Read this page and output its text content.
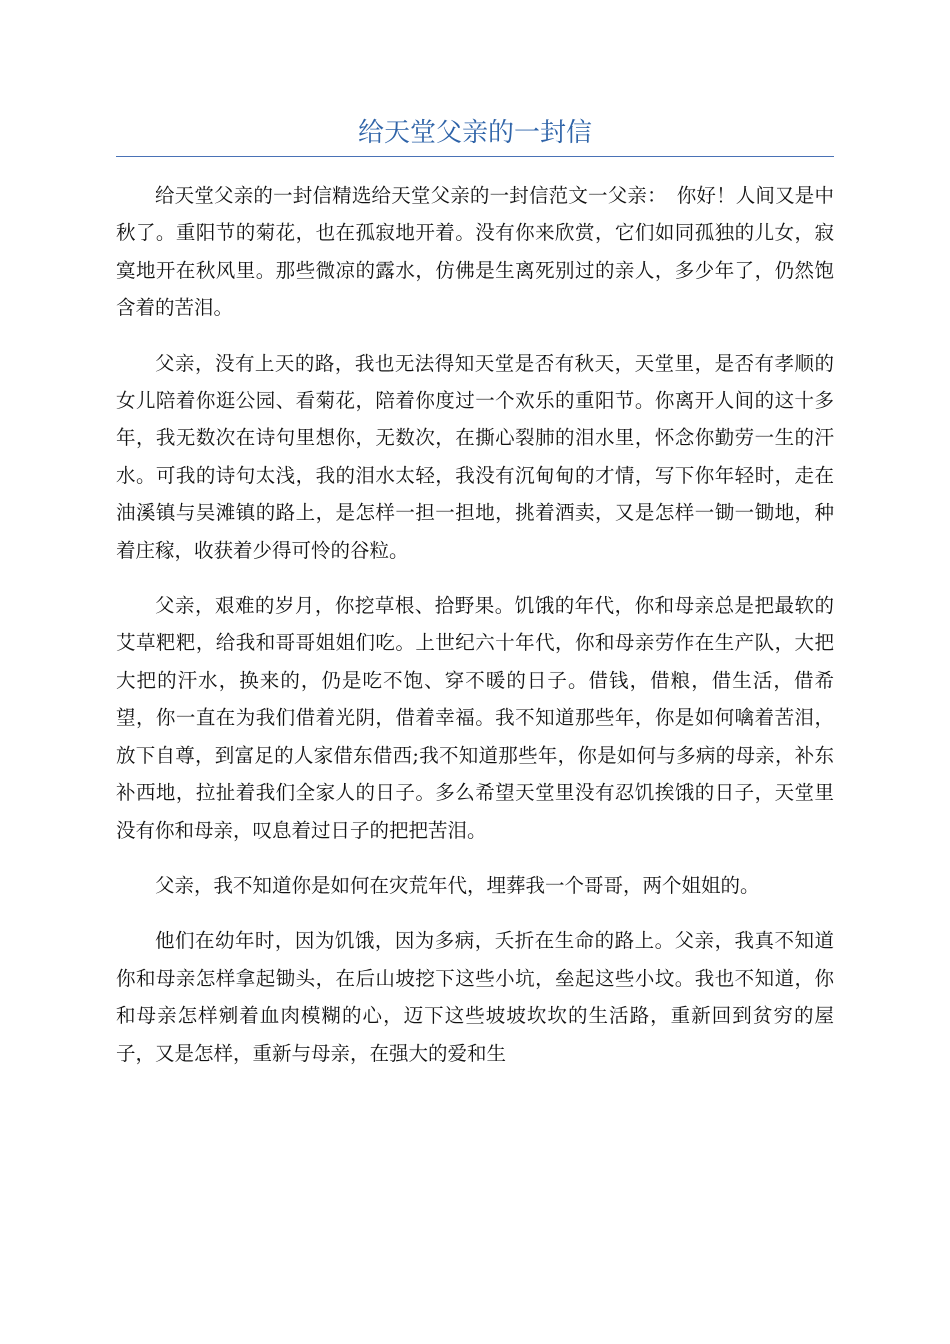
给天堂父亲的一封信

给天堂父亲的一封信精选给天堂父亲的一封信范文一父亲：　你好！人间又是中秋了。重阳节的菊花，也在孤寂地开着。没有你来欣赏，它们如同孤独的儿女，寂寞地开在秋风里。那些微凉的露水，仿佛是生离死别过的亲人，多少年了，仍然饱含着的苦泪。

父亲，没有上天的路，我也无法得知天堂是否有秋天，天堂里，是否有孝顺的女儿陪着你逛公园、看菊花，陪着你度过一个欢乐的重阳节。你离开人间的这十多年，我无数次在诗句里想你，无数次，在撕心裂肺的泪水里，怀念你勤劳一生的汗水。可我的诗句太浅，我的泪水太轻，我没有沉甸甸的才情，写下你年轻时，走在油溪镇与吴滩镇的路上，是怎样一担一担地，挑着酒卖，又是怎样一锄一锄地，种着庄稼，收获着少得可怜的谷粒。

父亲，艰难的岁月，你挖草根、拾野果。饥饿的年代，你和母亲总是把最软的艾草粑粑，给我和哥哥姐姐们吃。上世纪六十年代，你和母亲劳作在生产队，大把大把的汗水，换来的，仍是吃不饱、穿不暖的日子。借钱，借粮，借生活，借希望，你一直在为我们借着光阴，借着幸福。我不知道那些年，你是如何噙着苦泪，放下自尊，到富足的人家借东借西;我不知道那些年，你是如何与多病的母亲，补东补西地，拉扯着我们全家人的日子。多么希望天堂里没有忍饥挨饿的日子，天堂里没有你和母亲，叹息着过日子的把把苦泪。

父亲，我不知道你是如何在灾荒年代，埋葬我一个哥哥，两个姐姐的。

他们在幼年时，因为饥饿，因为多病，夭折在生命的路上。父亲，我真不知道你和母亲怎样拿起锄头，在后山坡挖下这些小坑，垒起这些小坟。我也不知道，你和母亲怎样剜着血肉模糊的心，迈下这些坡坡坎坎的生活路，重新回到贫穷的屋子，又是怎样，重新与母亲，在强大的爱和生
